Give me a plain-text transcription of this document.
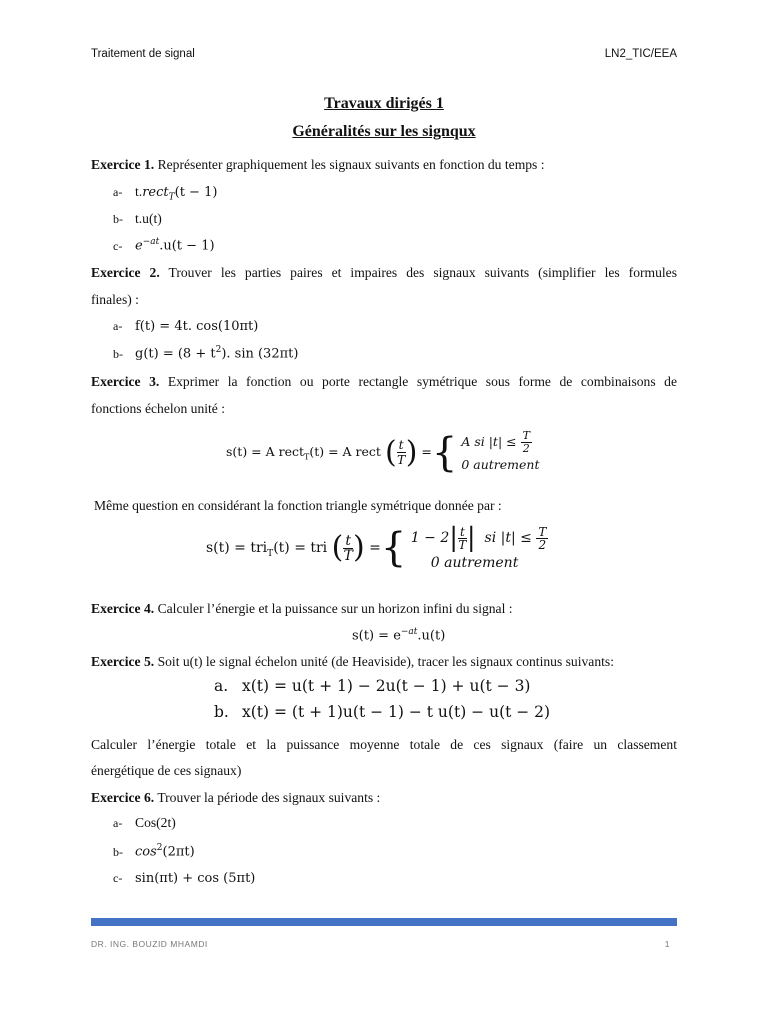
Traitement de signal	LN2_TIC/EEA
Travaux dirigés 1
Généralités sur les signqux
Exercice 1. Représenter graphiquement les signaux suivants en fonction du temps :
a- t.rect$_T$(t − 1)
b- t.u(t)
c- $e^{-at}.u(t - 1)$
Exercice 2. Trouver les parties paires et impaires des signaux suivants (simplifier les formules
finales) :
a- f(t) = 4t. cos(10πt)
b- $g(t) = (8 + t^2)$. sin (32πt)
Exercice 3. Exprimer la fonction ou porte rectangle symétrique sous forme de combinaisons de
fonctions échelon unité :
s(t) = A rect$_T$(t) = A rect ( $\frac{t}{T}$ ) ={ A si $|t| \le \frac{T}{2}$
0 autrement
Même question en considérant la fonction triangle symétrique donnée par :
s(t) = tri$_T$(t) = tri ( $\frac{t}{T}$ ) ={ $1 - 2| \frac{t}{T}$ | si $|t| \le \frac{T}{2}$
0 autrement
Exercice 4. Calculer l’énergie et la puissance sur un horizon infini du signal :
$s(t) = e^{-at}.u(t)$
Exercice 5. Soit u(t) le signal échelon unité (de Heaviside), tracer les signaux continus suivants:
a. x(t) = u(t + 1) − 2u(t − 1) + u(t − 3)
b. x(t) = (t + 1)u(t − 1) − t u(t) − u(t − 2)
Calculer l’énergie totale et la puissance moyenne totale de ces signaux (faire un classement
énergétique de ces signaux)
Exercice 6. Trouver la période des signaux suivants :
a- Cos(2t)
b- $\cos^2(2\pi t)$
c- sin(πt) + cos (5πt)
DR. ING. BOUZID MHAMDI	1
